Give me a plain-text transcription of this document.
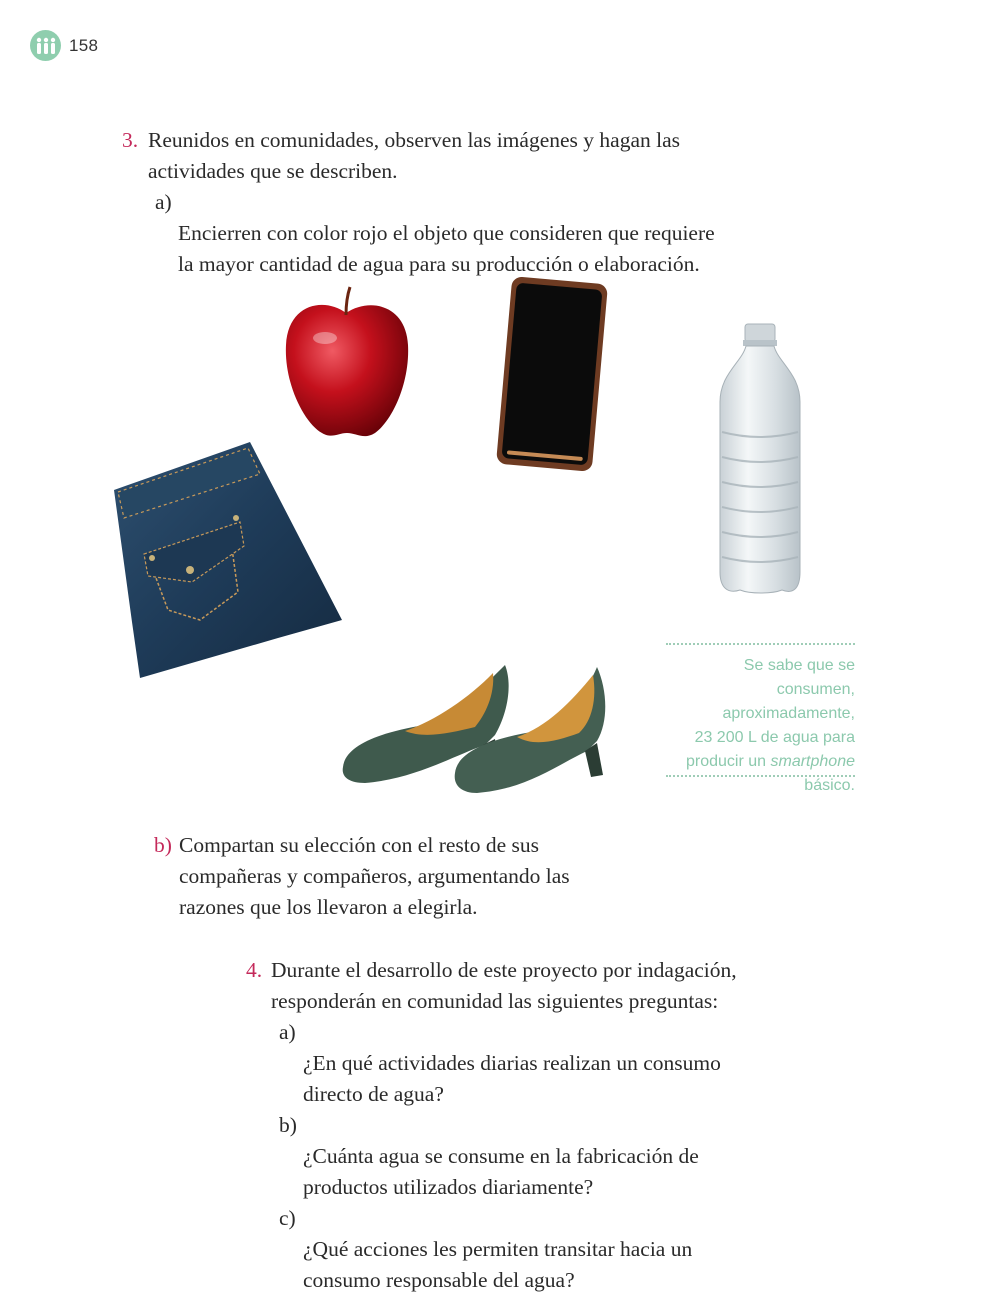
158
3. Reunidos en comunidades, observen las imágenes y hagan las
actividades que se describen.
a)
Encierren con color rojo el objeto que consideren que requiere
la mayor cantidad de agua para su producción o elaboración.
Se sabe que se consumen,
aproximadamente,
23 200 L de agua para
producir un smartphone
básico.
b) Compartan su elección con el resto de sus
compañeras y compañeros, argumentando las
razones que los llevaron a elegirla.
4. Durante el desarrollo de este proyecto por indagación,
responderán en comunidad las siguientes preguntas:
a)
¿En qué actividades diarias realizan un consumo
directo de agua?
b)
¿Cuánta agua se consume en la fabricación de
productos utilizados diariamente?
c)
¿Qué acciones les permiten transitar hacia un
consumo responsable del agua?
